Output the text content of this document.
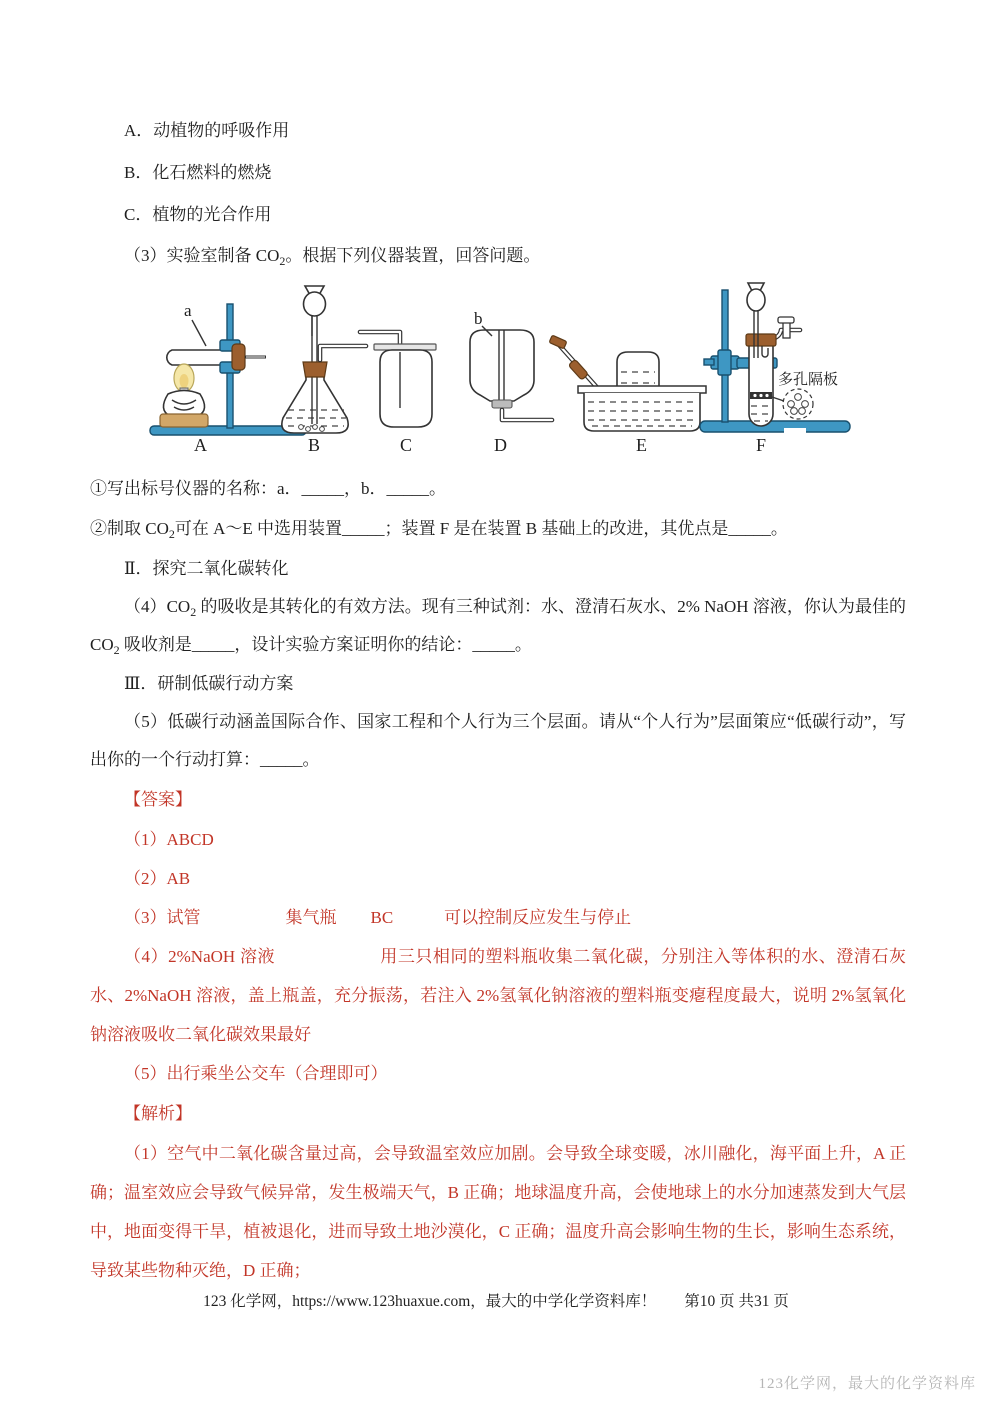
A．动植物的呼吸作用

B．化石燃料的燃烧

C．植物的光合作用

（3）实验室制备 $CO_2$。根据下列仪器装置，回答问题。

a
A	B	C
b
D	E
多孔隔板
F

①写出标号仪器的名称：a．_____，b．_____。

②制取 $CO_2$可在 A～E 中选用装置_____；装置 F 是在装置 B 基础上的改进，其优点是_____。

Ⅱ．探究二氧化碳转化

$(4)CO_2$ 的吸收是其转化的有效方法。现有三种试剂：水、澄清石灰水、2% NaOH 溶液，你认为最佳的 $CO_2$ 吸收剂是_____，设计实验方案证明你的结论：_____。

Ⅲ．研制低碳行动方案

（5）低碳行动涵盖国际合作、国家工程和个人行为三个层面。请从“个人行为”层面策应“低碳行动”，写出你的一个行动打算：_____。

【答案】

（1）ABCD

（2）AB

（3）试管　　　　　集气瓶　　BC　　　可以控制反应发生与停止

（4）2%NaOH 溶液　　　　　　用三只相同的塑料瓶收集二氧化碳，分别注入等体积的水、澄清石灰水、2%NaOH 溶液，盖上瓶盖，充分振荡，若注入 2%氢氧化钠溶液的塑料瓶变瘪程度最大，说明 2%氢氧化钠溶液吸收二氧化碳效果最好

（5）出行乘坐公交车（合理即可）

【解析】

（1）空气中二氧化碳含量过高，会导致温室效应加剧。会导致全球变暖，冰川融化，海平面上升，A 正确；温室效应会导致气候异常，发生极端天气，B 正确；地球温度升高，会使地球上的水分加速蒸发到大气层中，地面变得干旱，植被退化，进而导致土地沙漠化，C 正确；温度升高会影响生物的生长，影响生态系统，导致某些物种灭绝，D 正确；

123 化学网，https://www.123huaxue.com，最大的中学化学资料库！ 第10 页 共31 页

123化学网，最大的化学资料库
